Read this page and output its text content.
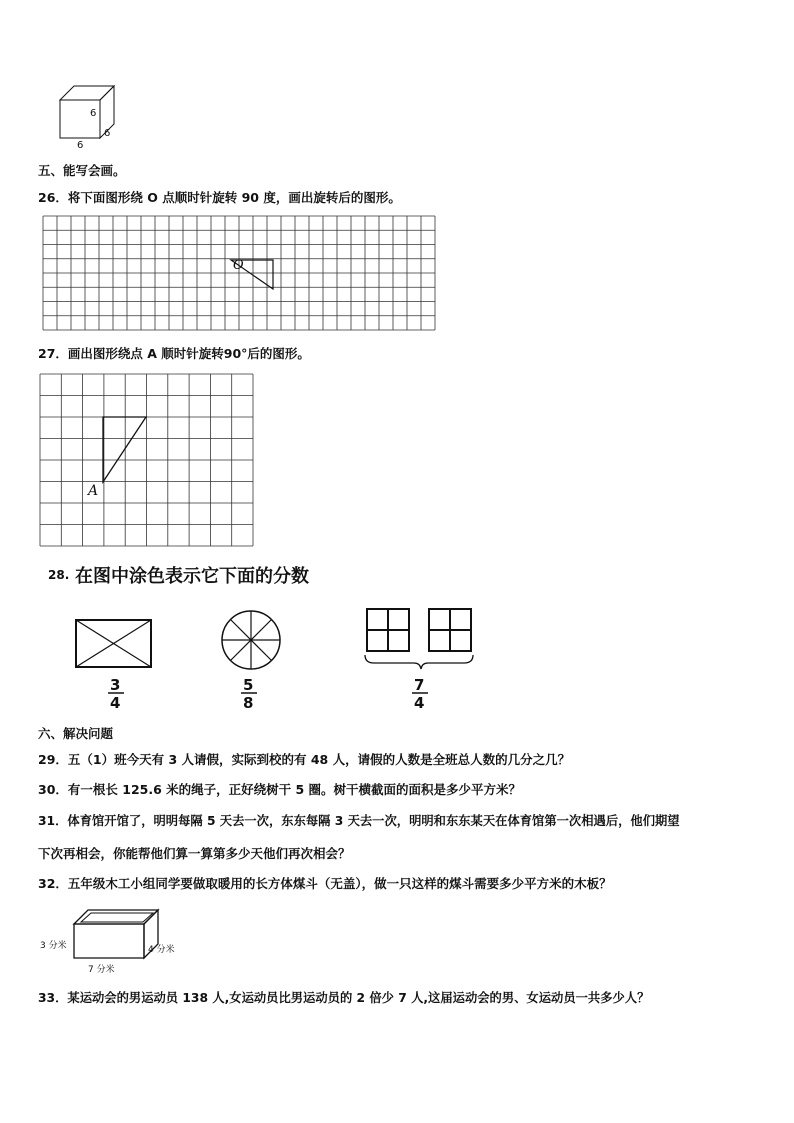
6
6
6
五、能写会画。
26．将下面图形绕 O 点顺时针旋转 90 度，画出旋转后的图形。
O
27．画出图形绕点 A 顺时针旋转90°后的图形。
A
28. 在图中涂色表示它下面的分数
3
4
5
8
7
4
六、解决问题
29．五（1）班今天有 3 人请假，实际到校的有 48 人，请假的人数是全班总人数的几分之几？
30．有一根长 125.6 米的绳子，正好绕树干 5 圈。树干横截面的面积是多少平方米？
31．体育馆开馆了，明明每隔 5 天去一次，东东每隔 3 天去一次，明明和东东某天在体育馆第一次相遇后，他们期望
下次再相会，你能帮他们算一算第多少天他们再次相会？
32．五年级木工小组同学要做取暖用的长方体煤斗（无盖），做一只这样的煤斗需要多少平方米的木板？
3 分米	4 分米
7 分米
33．某运动会的男运动员 138 人,女运动员比男运动员的 2 倍少 7 人,这届运动会的男、女运动员一共多少人？
